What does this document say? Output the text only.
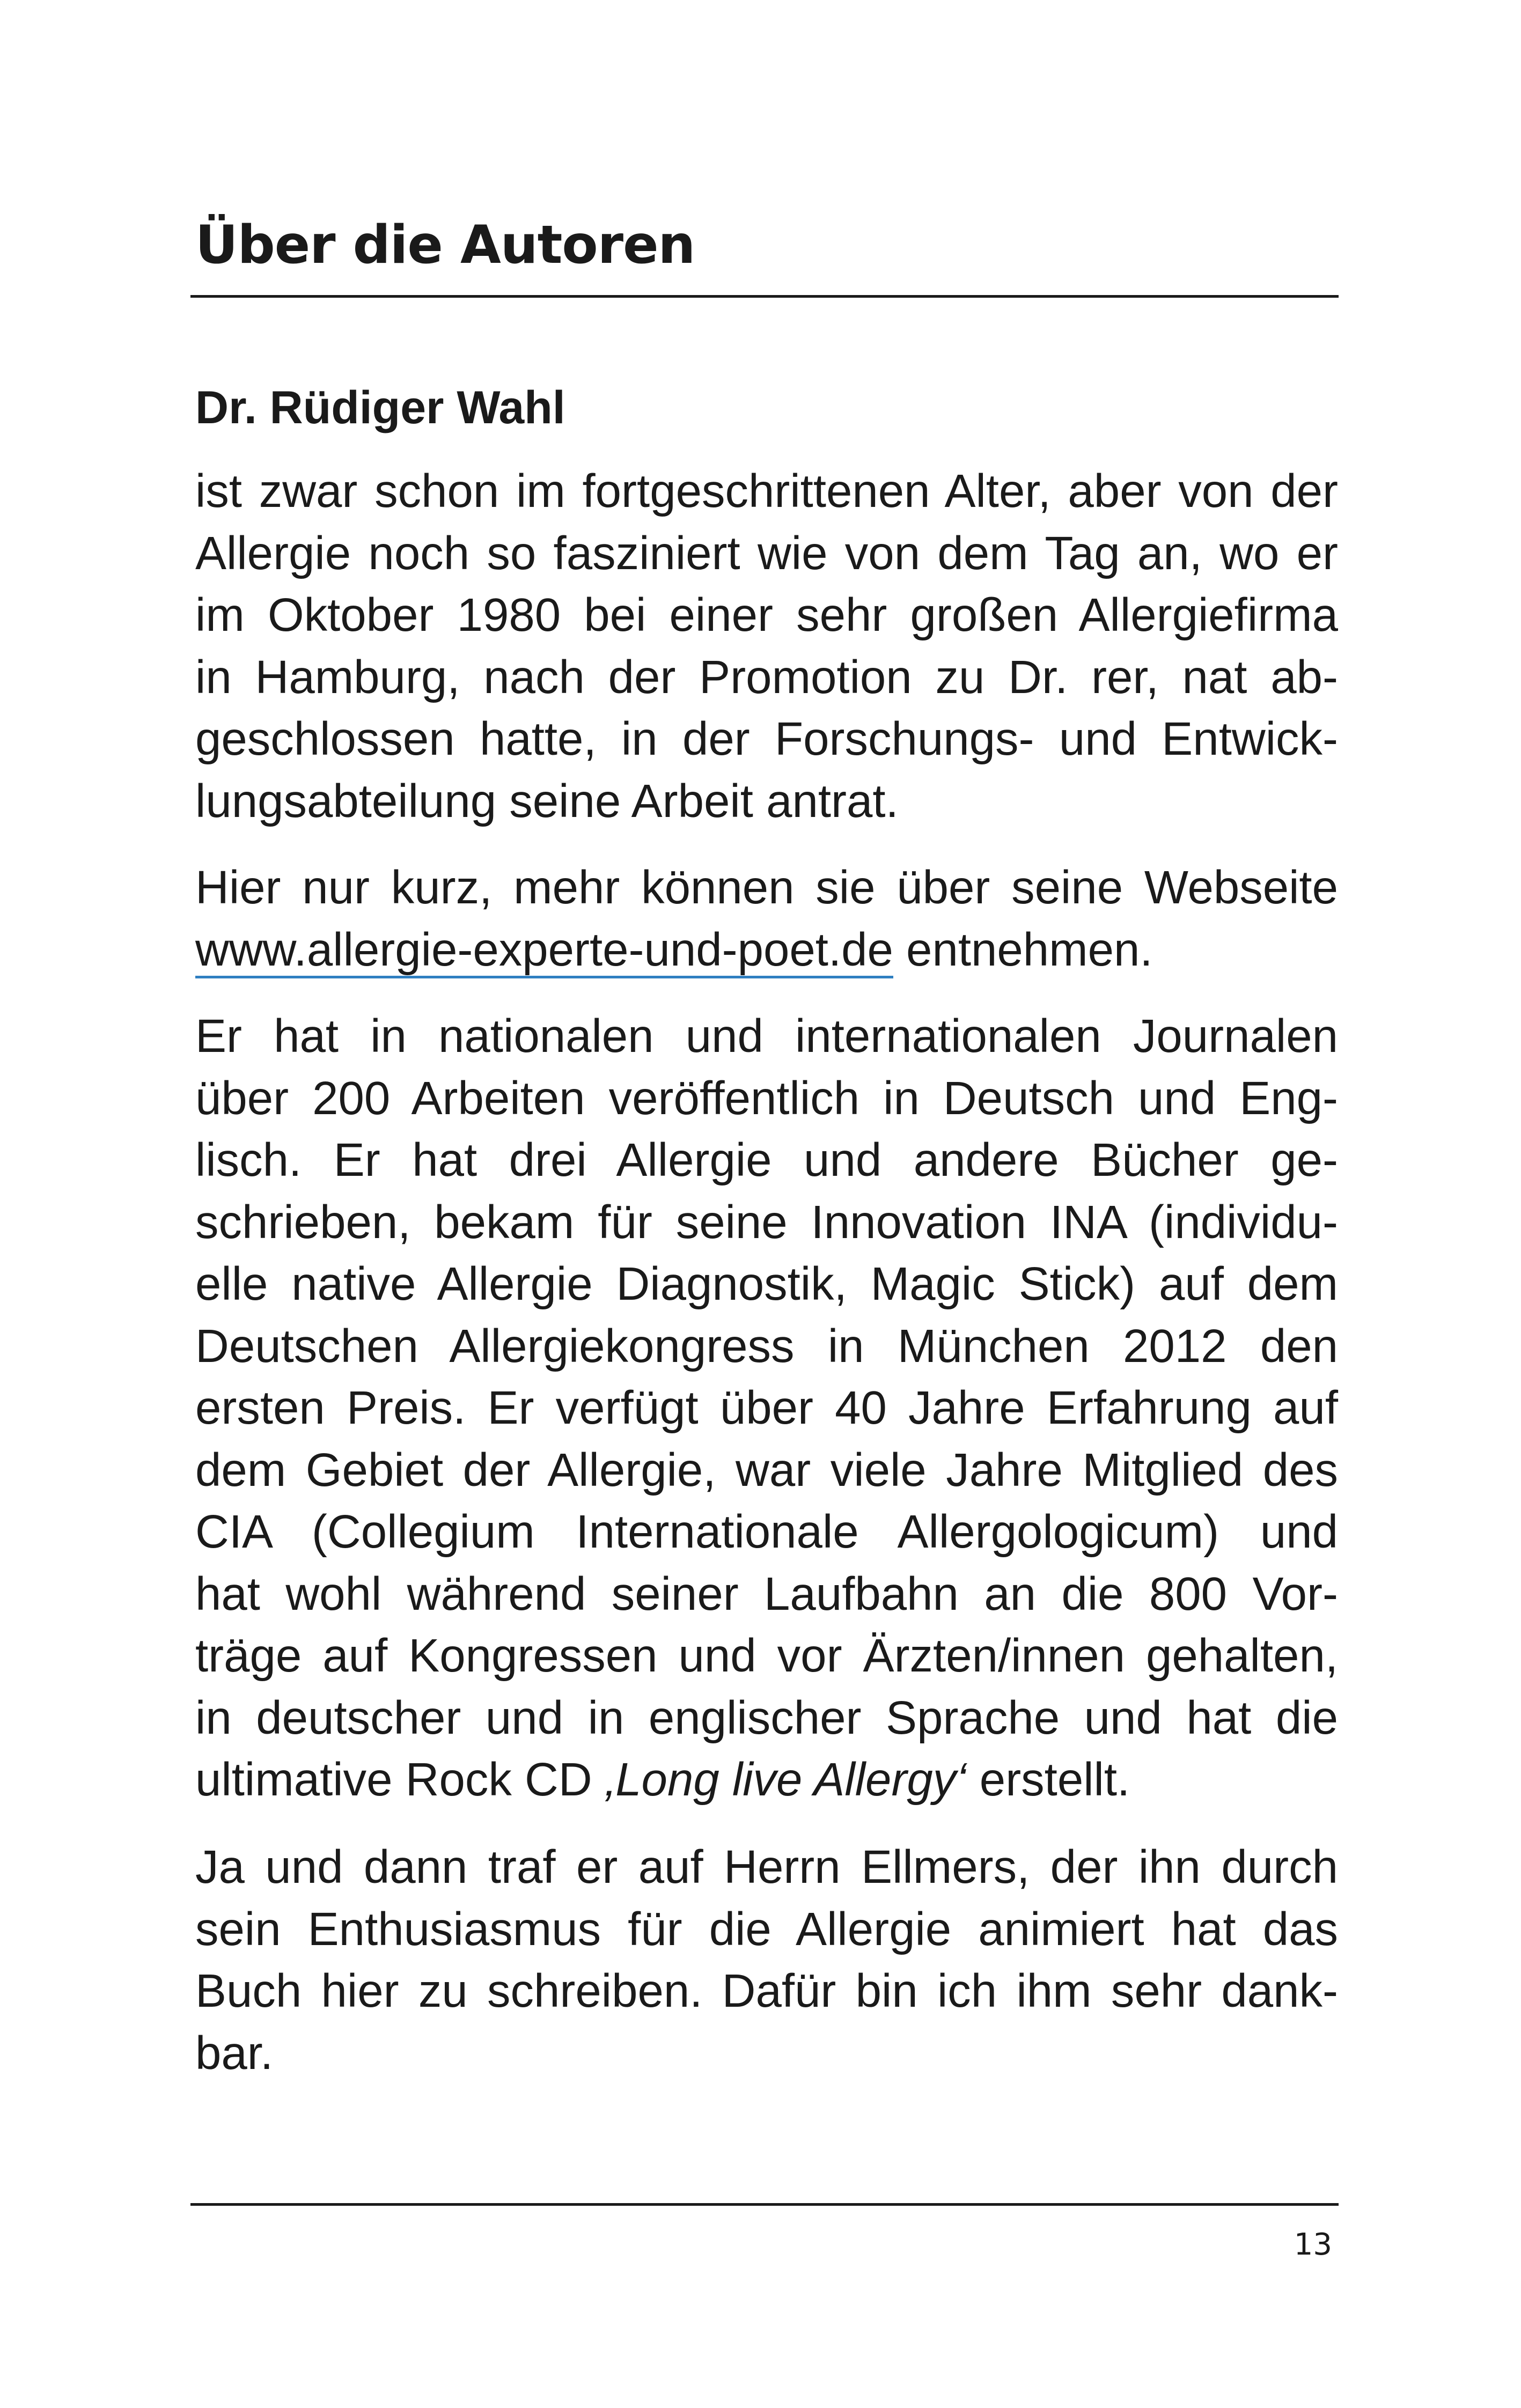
Über die Autoren
Dr. Rüdiger Wahl
ist zwar schon im fortgeschrittenen Alter, aber von der
Allergie noch so fasziniert wie von dem Tag an, wo er
im Oktober 1980 bei einer sehr großen Allergiefirma
in Hamburg, nach der Promotion zu Dr. rer, nat ab-
geschlossen hatte, in der Forschungs- und Entwick-
lungsabteilung seine Arbeit antrat.
Hier nur kurz, mehr können sie über seine Webseite
www.allergie-experte-und-poet.de entnehmen.
Er hat in nationalen und internationalen Journalen
über 200 Arbeiten veröffentlich in Deutsch und Eng-
lisch. Er hat drei Allergie und andere Bücher ge-
schrieben, bekam für seine Innovation INA (individu-
elle native Allergie Diagnostik, Magic Stick) auf dem
Deutschen Allergiekongress in München 2012 den
ersten Preis. Er verfügt über 40 Jahre Erfahrung auf
dem Gebiet der Allergie, war viele Jahre Mitglied des
CIA (Collegium Internationale Allergologicum) und
hat wohl während seiner Laufbahn an die 800 Vor-
träge auf Kongressen und vor Ärzten/innen gehalten,
in deutscher und in englischer Sprache und hat die
ultimative Rock CD ‚Long live Allergy‘ erstellt.
Ja und dann traf er auf Herrn Ellmers, der ihn durch
sein Enthusiasmus für die Allergie animiert hat das
Buch hier zu schreiben. Dafür bin ich ihm sehr dank-
bar.
13
